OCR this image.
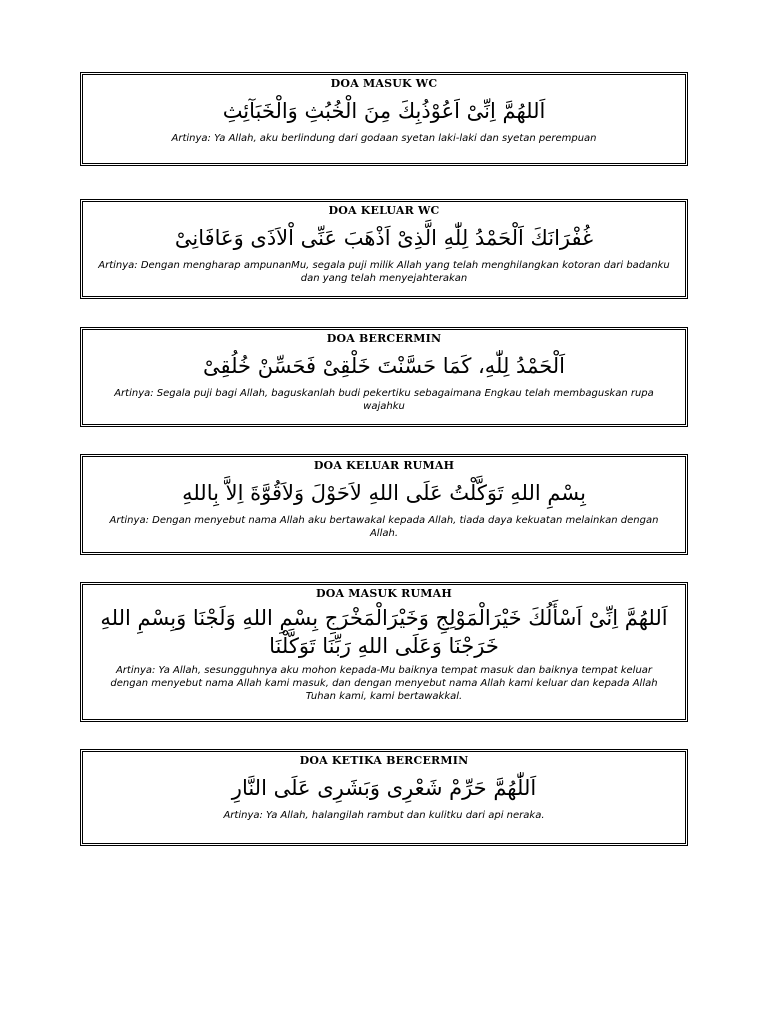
DOA MASUK WC
اَللهُمَّ اِنِّىْ اَعُوْذُبِكَ مِنَ الْخُبُثِ وَالْخَبَآئِثِ
Artinya: Ya Allah, aku berlindung dari godaan syetan laki-laki dan syetan perempuan
DOA KELUAR WC
غُفْرَانَكَ اَلْحَمْدُ لِلّٰهِ الَّذِىْ اَذْهَبَ عَنِّى اْلاَذَى وَعَافَانِىْ
Artinya: Dengan mengharap ampunanMu, segala puji milik Allah yang telah menghilangkan kotoran dari badanku dan yang telah menyejahterakan
DOA BERCERMIN
اَلْحَمْدُ لِلّٰهِ، كَمَا حَسَّنْتَ خَلْقِىْ فَحَسِّنْ خُلُقِىْ
Artinya: Segala puji bagi Allah, baguskanlah budi pekertiku sebagaimana Engkau telah membaguskan rupa wajahku
DOA KELUAR RUMAH
بِسْمِ اللهِ تَوَكَّلْتُ عَلَى اللهِ لاَحَوْلَ وَلاَقُوَّةَ اِلاَّ بِاللهِ
Artinya: Dengan menyebut nama Allah aku bertawakal kepada Allah, tiada daya kekuatan melainkan dengan Allah.
DOA MASUK RUMAH
اَللهُمَّ اِنِّىْ اَسْأَلُكَ خَيْرَالْمَوْلِجِ وَخَيْرَالْمَخْرَجِ بِسْمِ اللهِ وَلَجْنَا وَبِسْمِ اللهِ خَرَجْنَا وَعَلَى اللهِ رَبِّنَا تَوَكَّلْنَا
Artinya: Ya Allah, sesungguhnya aku mohon kepada-Mu baiknya tempat masuk dan baiknya tempat keluar dengan menyebut nama Allah kami masuk, dan dengan menyebut nama Allah kami keluar dan kepada Allah Tuhan kami, kami bertawakkal.
DOA KETIKA BERCERMIN
اَللّٰهُمَّ حَرِّمْ شَعْرِى وَبَشَرِى عَلَى النَّارِ
Artinya: Ya Allah, halangilah rambut dan kulitku dari api neraka.
